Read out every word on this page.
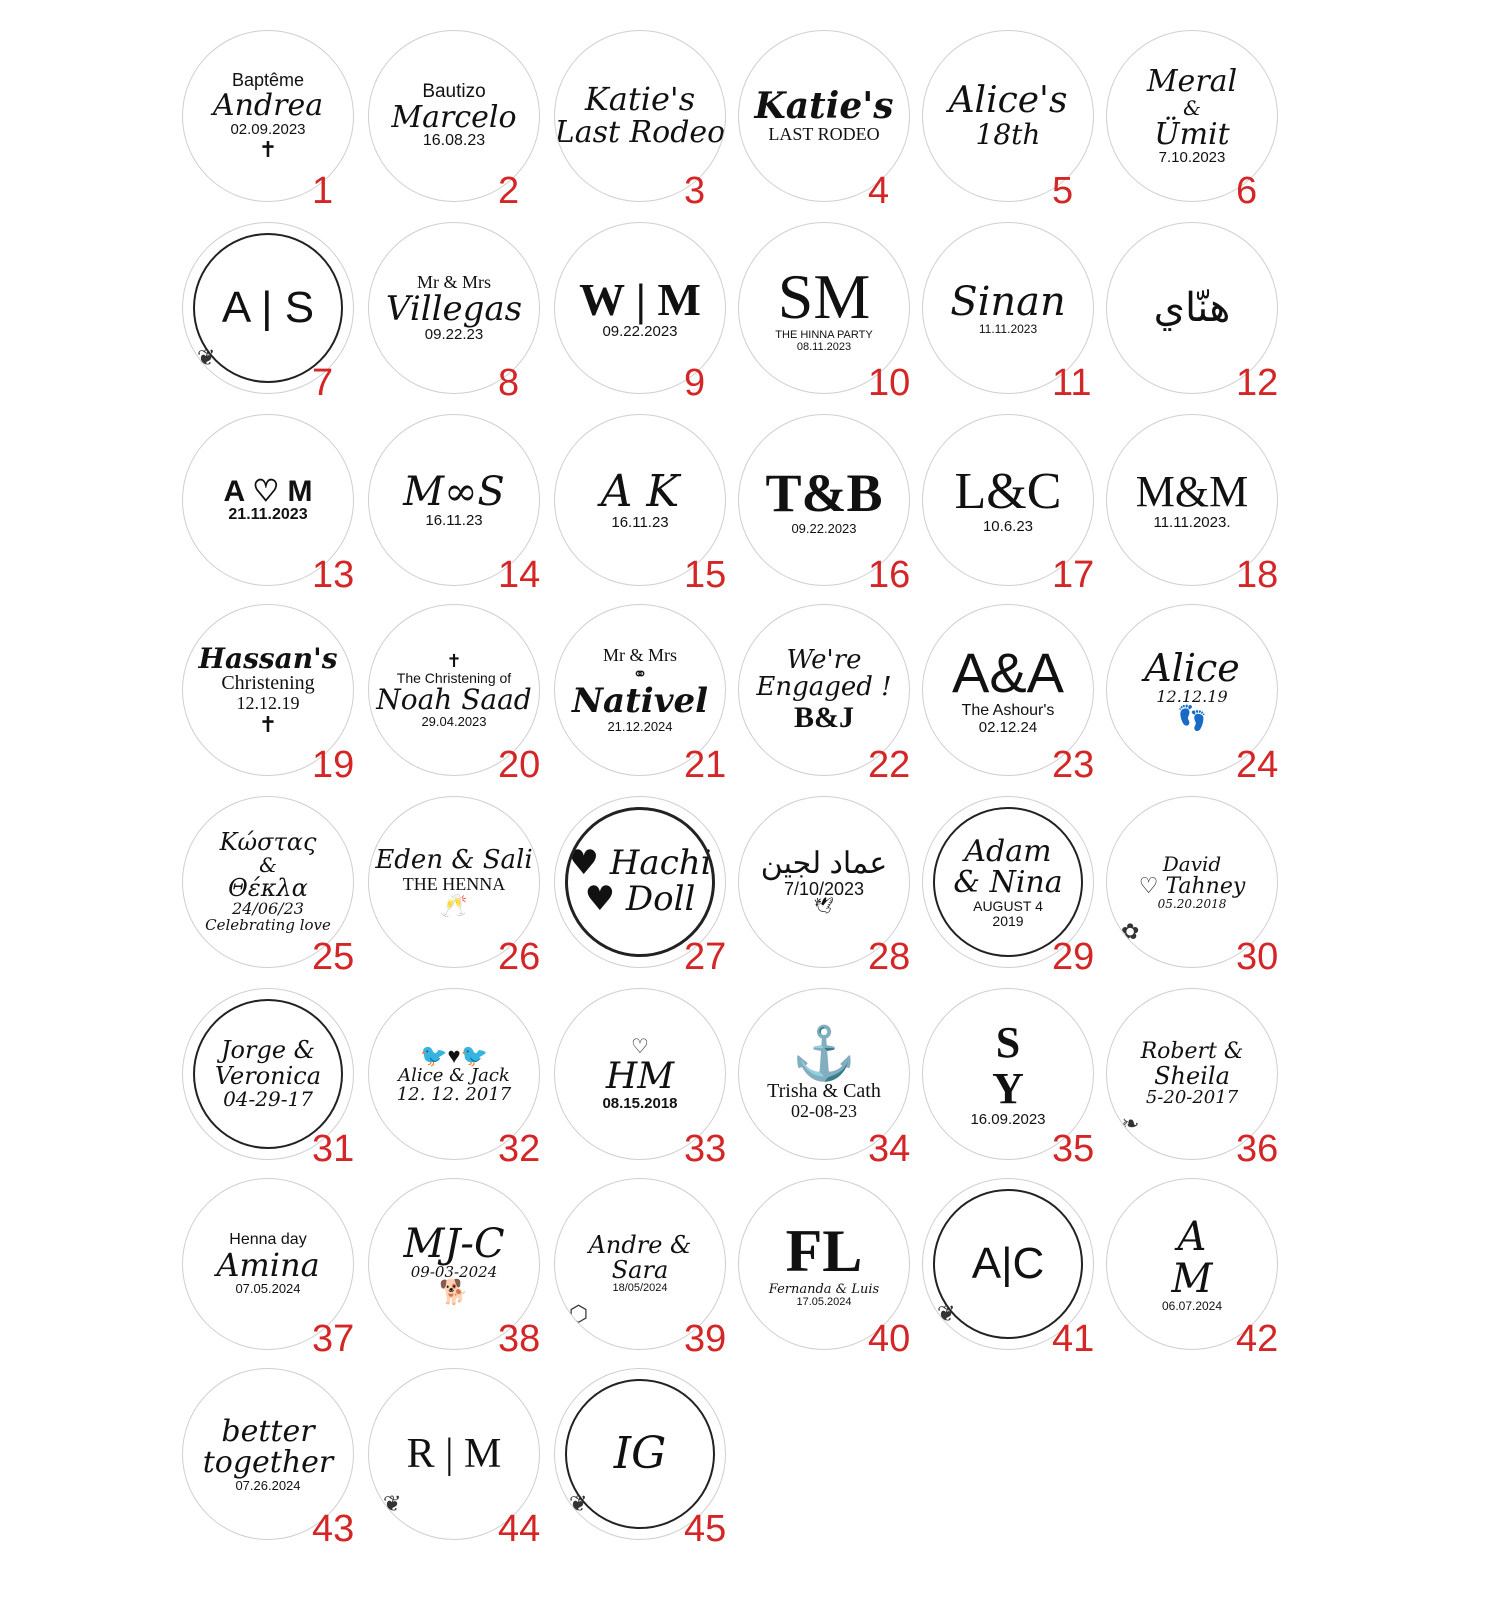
Baptême
Andrea
02.09.2023
✝
1
Bautizo
Marcelo
16.08.23
2
Katie's
Last Rodeo
3
Katie's
LAST RODEO
4
Alice's
18th
5
Meral
&
Ümit
7.10.2023
6
❦
A | S
7
Mr & Mrs
Villegas
09.22.23
8
W | M
09.22.2023
9
SM
THE HINNA PARTY
08.11.2023
10
Sinan
11.11.2023
11
هنّاي
12
A ♡ M
21.11.2023
13
M∞S
16.11.23
14
A K
16.11.23
15
T&B
09.22.2023
16
L&C
10.6.23
17
M&M
11.11.2023.
18
Hassan's
Christening
12.12.19
✝
19
✝
The Christening of
Noah Saad
29.04.2023
20
Mr & Mrs
⚭
Nativel
21.12.2024
21
We're
Engaged !
B&J
22
A&A
The Ashour's
02.12.24
23
Alice
12.12.19
👣
24
Κώστας
&
Θέκλα
24/06/23
Celebrating love
25
Eden & Sali
THE HENNA
🥂
26
♥ Hachi
♥ Doll
27
عماد لجين
7/10/2023
🕊
28
Adam
& Nina
AUGUST 4
2019
29
✿
David
♡ Tahney
05.20.2018
30
Jorge &
Veronica
04-29-17
31
🐦♥🐦
Alice & Jack
12. 12. 2017
32
♡
HM
08.15.2018
33
⚓
Trisha & Cath
02-08-23
34
S
Y
16.09.2023
35
❧
Robert &
Sheila
5-20-2017
36
Henna day
Amina
07.05.2024
37
MJ-C
09-03-2024
🐕
38
⬡
Andre &
Sara
18/05/2024
39
FL
Fernanda & Luis
17.05.2024
40
❦
A|C
41
A
M
06.07.2024
42
better
together
07.26.2024
43
❦
R | M
44
❦
IG
45
